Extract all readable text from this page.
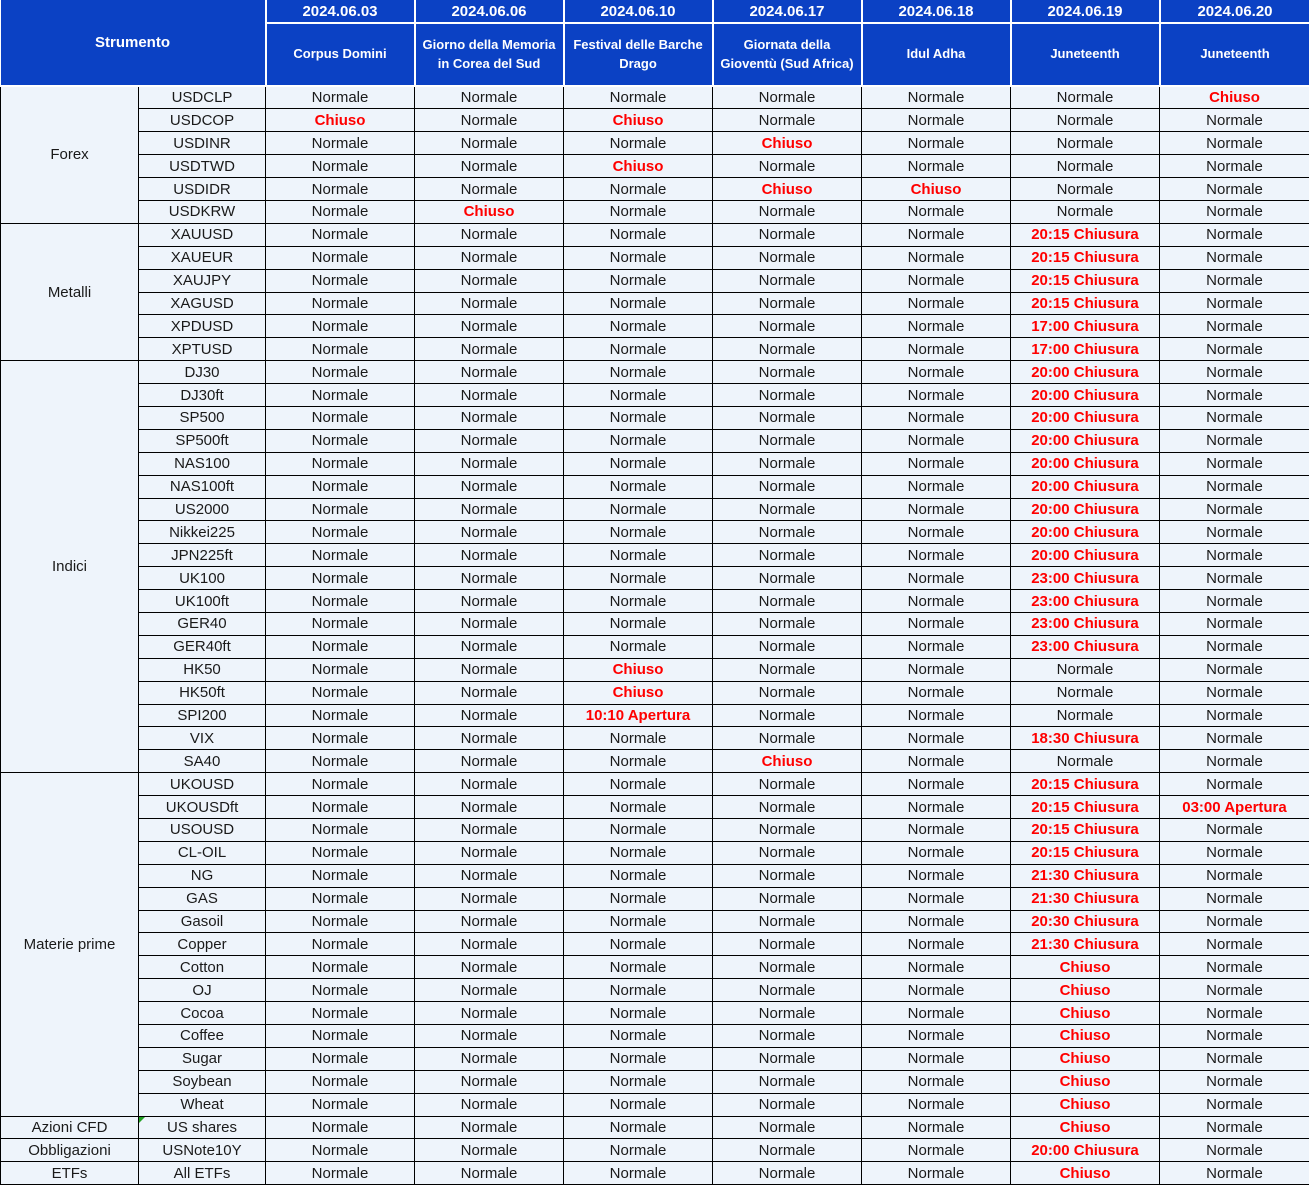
Strumento		2024.06.03	2024.06.06	2024.06.10	2024.06.17	2024.06.18	2024.06.19	2024.06.20
		Corpus Domini	Giorno della Memoria in Corea del Sud	Festival delle Barche Drago	Giornata della Gioventù (Sud Africa)	Idul Adha	Juneteenth	Juneteenth
Forex	USDCLP	Normale	Normale	Normale	Normale	Normale	Normale	Chiuso
	USDCOP	Chiuso	Normale	Chiuso	Normale	Normale	Normale	Normale
	USDINR	Normale	Normale	Normale	Chiuso	Normale	Normale	Normale
	USDTWD	Normale	Normale	Chiuso	Normale	Normale	Normale	Normale
	USDIDR	Normale	Normale	Normale	Chiuso	Chiuso	Normale	Normale
	USDKRW	Normale	Chiuso	Normale	Normale	Normale	Normale	Normale
Metalli	XAUUSD	Normale	Normale	Normale	Normale	Normale	20:15 Chiusura	Normale
	XAUEUR	Normale	Normale	Normale	Normale	Normale	20:15 Chiusura	Normale
	XAUJPY	Normale	Normale	Normale	Normale	Normale	20:15 Chiusura	Normale
	XAGUSD	Normale	Normale	Normale	Normale	Normale	20:15 Chiusura	Normale
	XPDUSD	Normale	Normale	Normale	Normale	Normale	17:00 Chiusura	Normale
	XPTUSD	Normale	Normale	Normale	Normale	Normale	17:00 Chiusura	Normale
Indici	DJ30	Normale	Normale	Normale	Normale	Normale	20:00 Chiusura	Normale
	DJ30ft	Normale	Normale	Normale	Normale	Normale	20:00 Chiusura	Normale
	SP500	Normale	Normale	Normale	Normale	Normale	20:00 Chiusura	Normale
	SP500ft	Normale	Normale	Normale	Normale	Normale	20:00 Chiusura	Normale
	NAS100	Normale	Normale	Normale	Normale	Normale	20:00 Chiusura	Normale
	NAS100ft	Normale	Normale	Normale	Normale	Normale	20:00 Chiusura	Normale
	US2000	Normale	Normale	Normale	Normale	Normale	20:00 Chiusura	Normale
	Nikkei225	Normale	Normale	Normale	Normale	Normale	20:00 Chiusura	Normale
	JPN225ft	Normale	Normale	Normale	Normale	Normale	20:00 Chiusura	Normale
	UK100	Normale	Normale	Normale	Normale	Normale	23:00 Chiusura	Normale
	UK100ft	Normale	Normale	Normale	Normale	Normale	23:00 Chiusura	Normale
	GER40	Normale	Normale	Normale	Normale	Normale	23:00 Chiusura	Normale
	GER40ft	Normale	Normale	Normale	Normale	Normale	23:00 Chiusura	Normale
	HK50	Normale	Normale	Chiuso	Normale	Normale	Normale	Normale
	HK50ft	Normale	Normale	Chiuso	Normale	Normale	Normale	Normale
	SPI200	Normale	Normale	10:10 Apertura	Normale	Normale	Normale	Normale
	VIX	Normale	Normale	Normale	Normale	Normale	18:30 Chiusura	Normale
	SA40	Normale	Normale	Normale	Chiuso	Normale	Normale	Normale
Materie prime	UKOUSD	Normale	Normale	Normale	Normale	Normale	20:15 Chiusura	Normale
	UKOUSDft	Normale	Normale	Normale	Normale	Normale	20:15 Chiusura	03:00 Apertura
	USOUSD	Normale	Normale	Normale	Normale	Normale	20:15 Chiusura	Normale
	CL-OIL	Normale	Normale	Normale	Normale	Normale	20:15 Chiusura	Normale
	NG	Normale	Normale	Normale	Normale	Normale	21:30 Chiusura	Normale
	GAS	Normale	Normale	Normale	Normale	Normale	21:30 Chiusura	Normale
	Gasoil	Normale	Normale	Normale	Normale	Normale	20:30 Chiusura	Normale
	Copper	Normale	Normale	Normale	Normale	Normale	21:30 Chiusura	Normale
	Cotton	Normale	Normale	Normale	Normale	Normale	Chiuso	Normale
	OJ	Normale	Normale	Normale	Normale	Normale	Chiuso	Normale
	Cocoa	Normale	Normale	Normale	Normale	Normale	Chiuso	Normale
	Coffee	Normale	Normale	Normale	Normale	Normale	Chiuso	Normale
	Sugar	Normale	Normale	Normale	Normale	Normale	Chiuso	Normale
	Soybean	Normale	Normale	Normale	Normale	Normale	Chiuso	Normale
	Wheat	Normale	Normale	Normale	Normale	Normale	Chiuso	Normale
Azioni CFD	US shares	Normale	Normale	Normale	Normale	Normale	Chiuso	Normale
Obbligazioni	USNote10Y	Normale	Normale	Normale	Normale	Normale	20:00 Chiusura	Normale
ETFs	All ETFs	Normale	Normale	Normale	Normale	Normale	Chiuso	Normale
